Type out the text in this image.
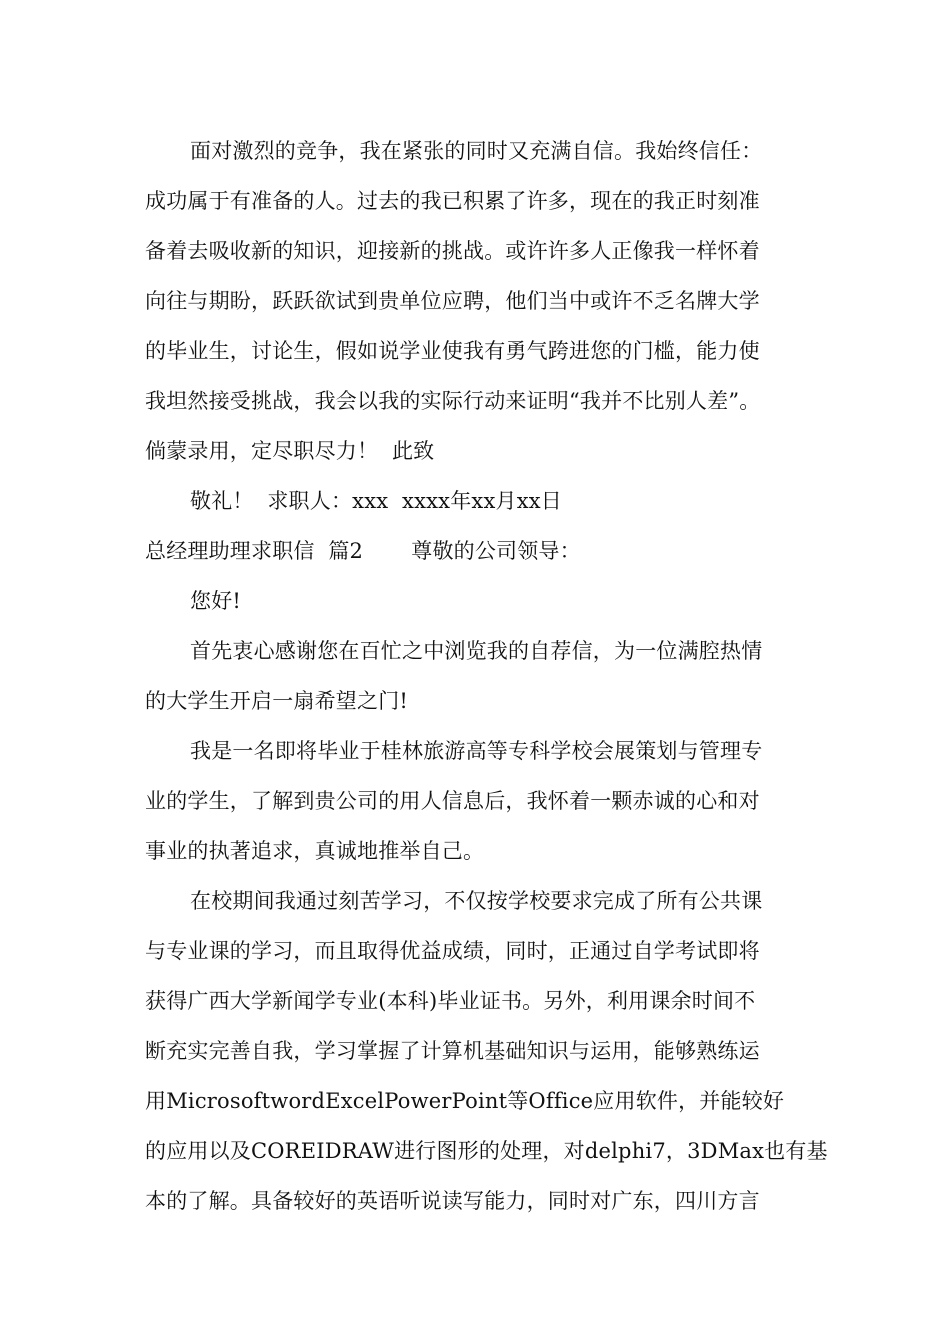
面对激烈的竞争，我在紧张的同时又充满自信。我始终信任：
成功属于有准备的人。过去的我已积累了许多，现在的我正时刻准
备着去吸收新的知识，迎接新的挑战。或许许多人正像我一样怀着
向往与期盼，跃跃欲试到贵单位应聘，他们当中或许不乏名牌大学
的毕业生，讨论生，假如说学业使我有勇气跨进您的门槛，能力使
我坦然接受挑战，我会以我的实际行动来证明“我并不比别人差”。
倘蒙录用，定尽职尽力！  此致
敬礼！  求职人：xxx  xxxx年xx月xx日
总经理助理求职信  篇2       尊敬的公司领导：
您好!
首先衷心感谢您在百忙之中浏览我的自荐信，为一位满腔热情
的大学生开启一扇希望之门!
我是一名即将毕业于桂林旅游高等专科学校会展策划与管理专
业的学生，了解到贵公司的用人信息后，我怀着一颗赤诚的心和对
事业的执著追求，真诚地推举自己。
在校期间我通过刻苦学习，不仅按学校要求完成了所有公共课
与专业课的学习，而且取得优益成绩，同时，正通过自学考试即将
获得广西大学新闻学专业(本科)毕业证书。另外，利用课余时间不
断充实完善自我，学习掌握了计算机基础知识与运用，能够熟练运
用MicrosoftwordExcelPowerPoint等Office应用软件，并能较好
的应用以及COREIDRAW进行图形的处理，对delphi7，3DMax也有基
本的了解。具备较好的英语听说读写能力，同时对广东，四川方言
